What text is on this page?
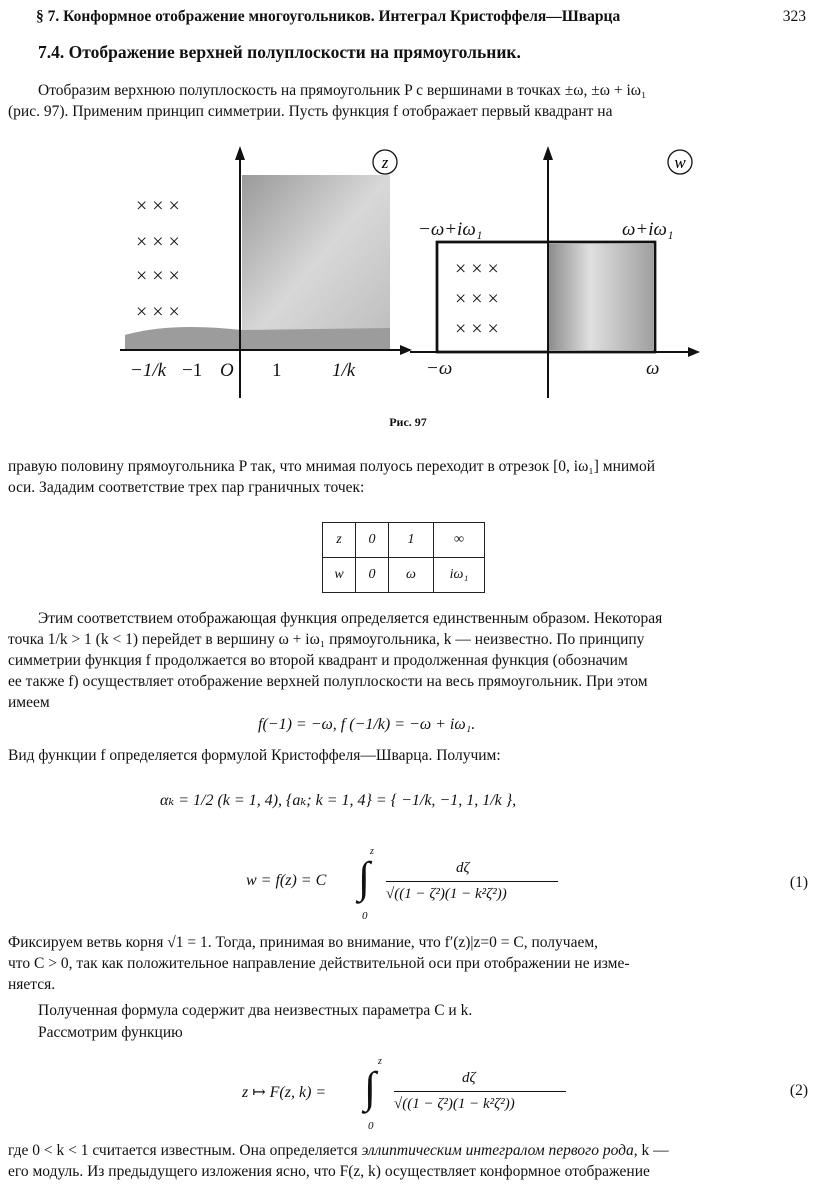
§ 7. Конформное отображение многоугольников. Интеграл Кристоффеля—Шварца	323
7.4. Отображение верхней полуплоскости на прямоугольник.
Отобразим верхнюю полуплоскость на прямоугольник P с вершинами в точках ±ω, ±ω + iω₁
(рис. 97). Применим принцип симметрии. Пусть функция f отображает первый квадрант на
× × ×
× × ×
× × ×
× × ×
z
−1/k −1 O 1	1/k
× × ×
× × ×
× × ×
w
−ω+iω₁	ω+iω₁
−ω	ω
Рис. 97
правую половину прямоугольника P так, что мнимая полуось переходит в отрезок [0, iω₁] мнимой
оси. Зададим соответствие трех пар граничных точек:
z	0	1	∞
w	0	ω	iω₁
Этим соответствием отображающая функция определяется единственным образом. Некоторая
точка 1/k > 1 (k < 1) перейдет в вершину ω + iω₁ прямоугольника, k — неизвестно. По принципу
симметрии функция f продолжается во второй квадрант и продолженная функция (обозначим
ее также f) осуществляет отображение верхней полуплоскости на весь прямоугольник. При этом
имеем
f(−1) = −ω, f (−1/k) = −ω + iω₁.
Вид функции f определяется формулой Кристоффеля—Шварца. Получим:
αₖ = 1/2 (k = 1, 4), {aₖ; k = 1, 4} = { −1/k, −1, 1, 1/k },
w = f(z) = C
z
∫
0
dζ
√((1 − ζ²)(1 − k²ζ²))
(1)
Фиксируем ветвь корня √1 = 1. Тогда, принимая во внимание, что f′(z)|z=0 = C, получаем,
что C > 0, так как положительное направление действительной оси при отображении не изме-
няется.
Полученная формула содержит два неизвестных параметра C и k.
Рассмотрим функцию
z ↦ F(z, k) =
z
∫
0
dζ
√((1 − ζ²)(1 − k²ζ²))
(2)
где 0 < k < 1 считается известным. Она определяется эллиптическим интегралом первого рода, k —
его модуль. Из предыдущего изложения ясно, что F(z, k) осуществляет конформное отображение
